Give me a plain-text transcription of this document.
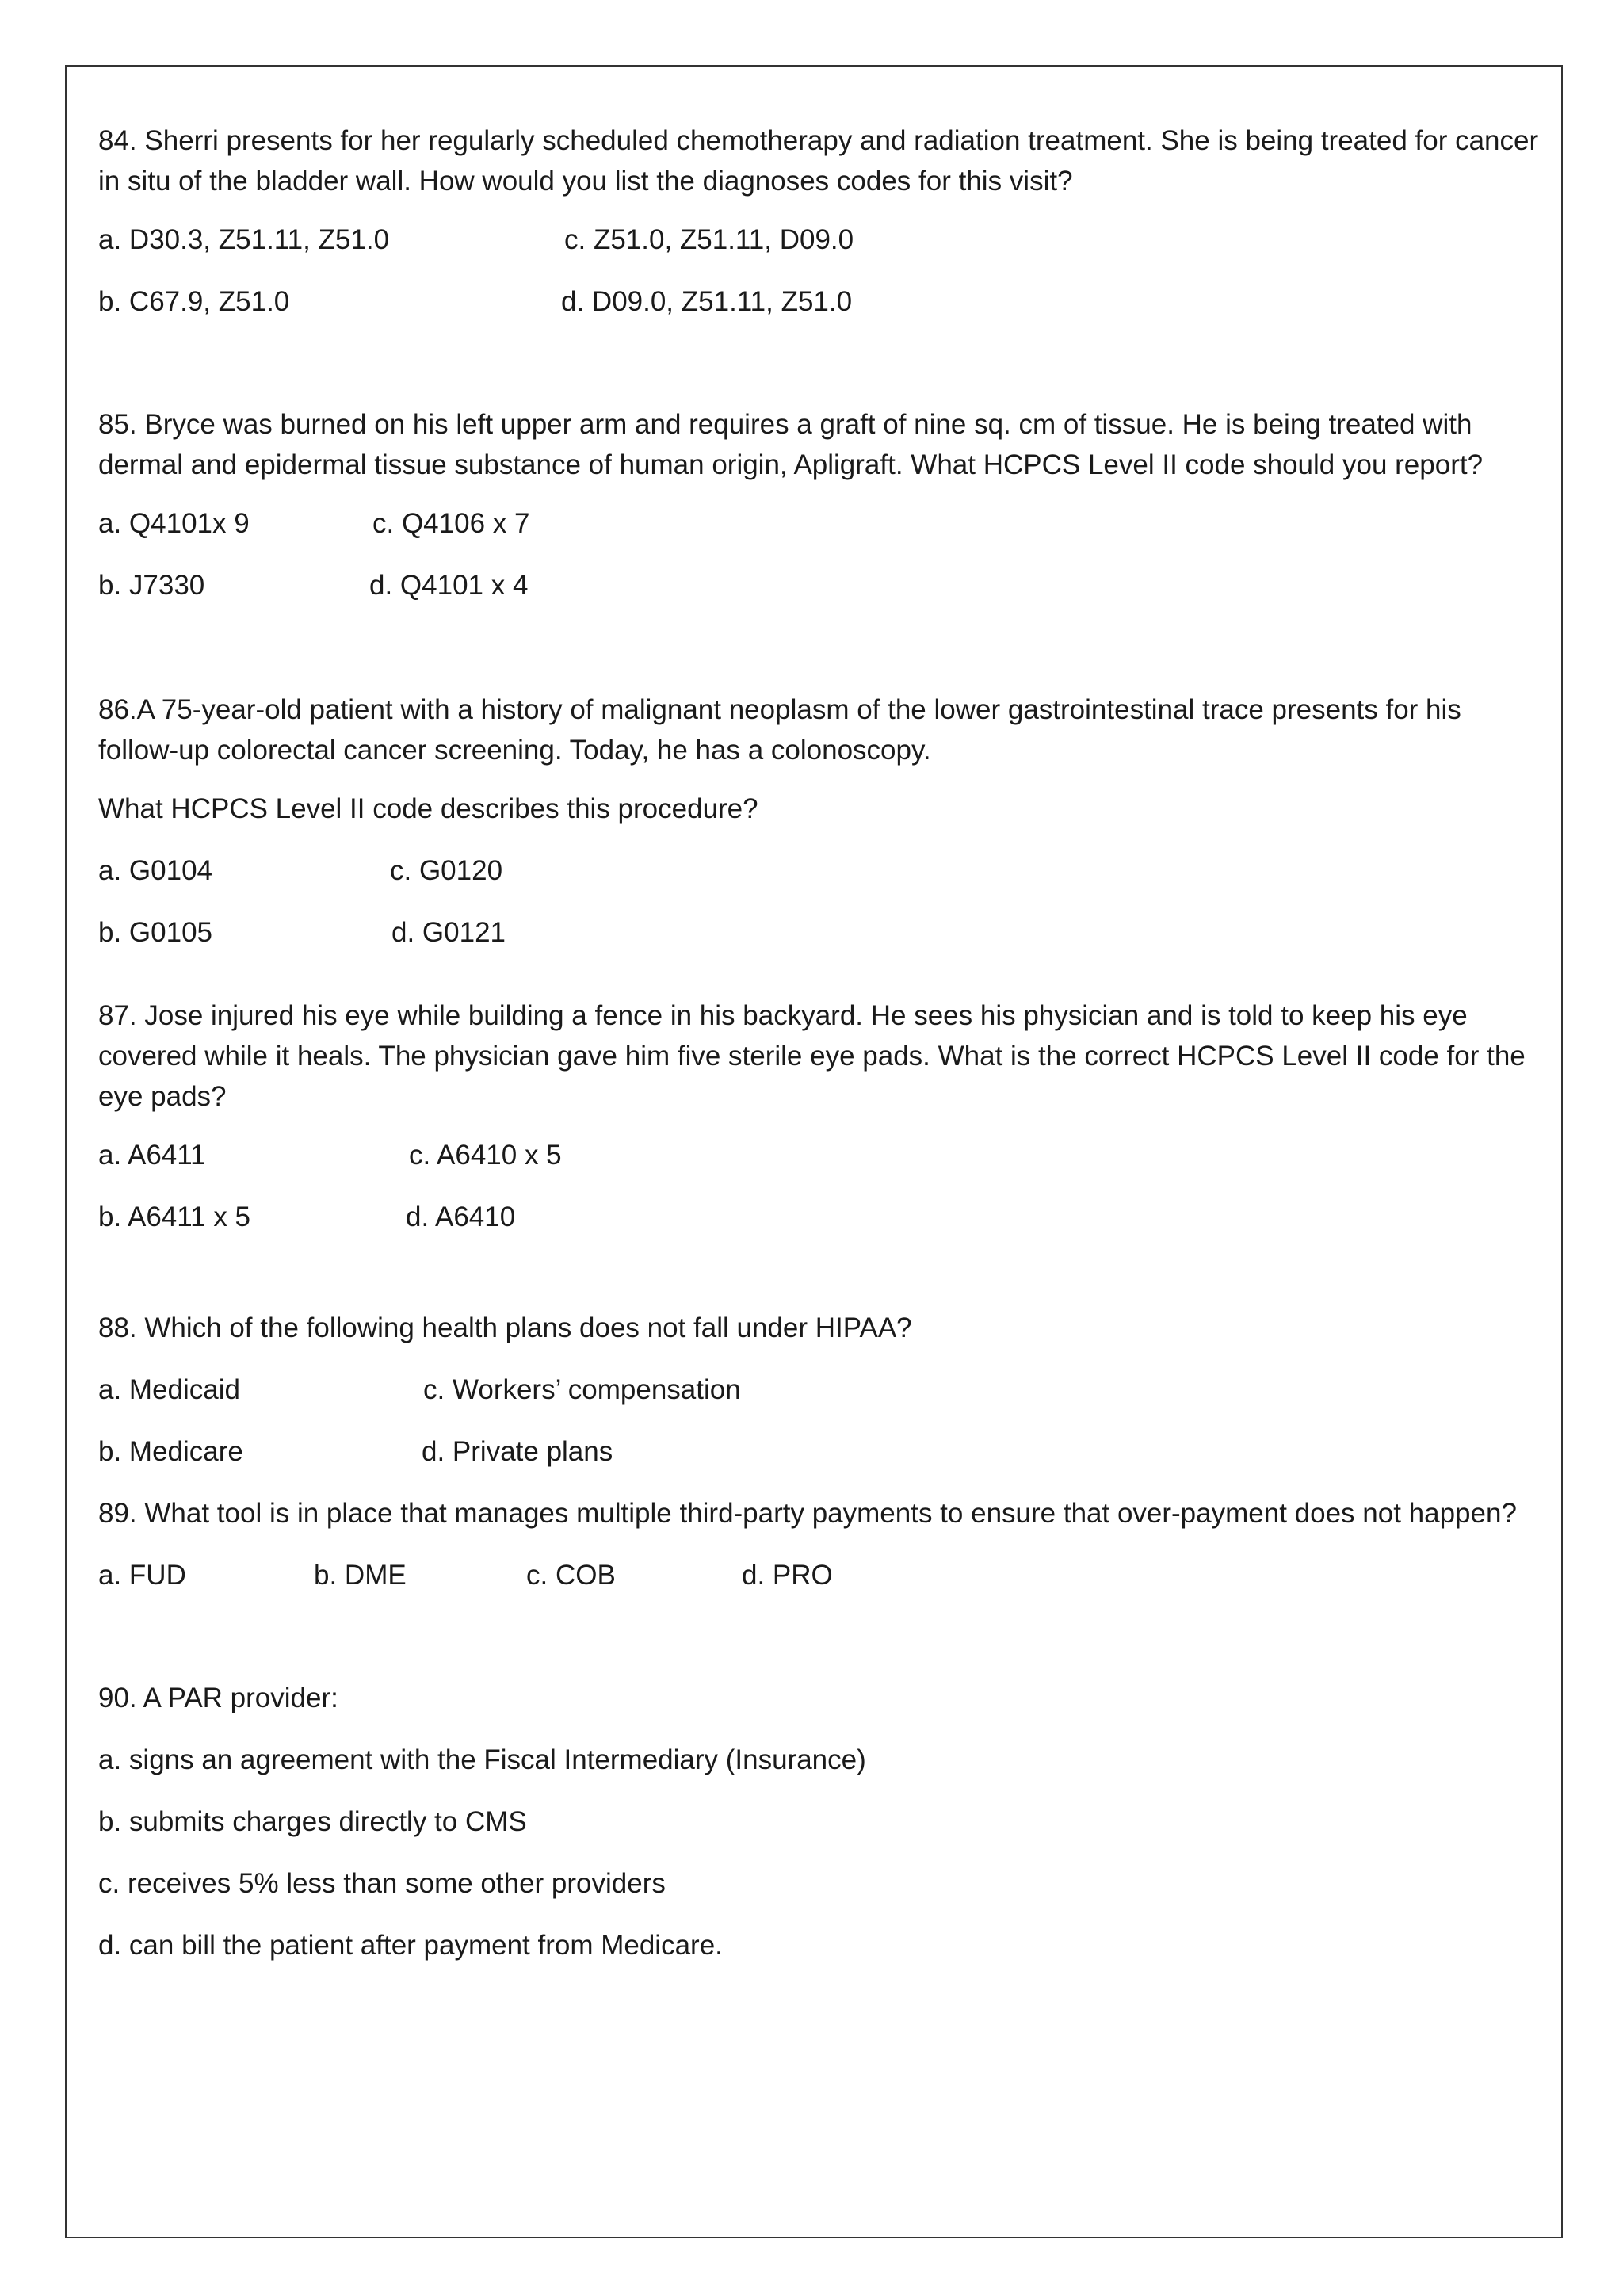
84. Sherri presents for her regularly scheduled chemotherapy and radiation treatment. She is being treated for cancer in situ of the bladder wall. How would you list the diagnoses codes for this visit?

a. D30.3, Z51.11, Z51.0	c. Z51.0, Z51.11, D09.0
b. C67.9, Z51.0	d. D09.0, Z51.11, Z51.0

85. Bryce was burned on his left upper arm and requires a graft of nine sq. cm of tissue. He is being treated with dermal and epidermal tissue substance of human origin, Apligraft. What HCPCS Level II code should you report?

a. Q4101x 9	c. Q4106 x 7
b. J7330	d. Q4101 x 4

86.A 75-year-old patient with a history of malignant neoplasm of the lower gastrointestinal trace presents for his follow-up colorectal cancer screening. Today, he has a colonoscopy.

What HCPCS Level II code describes this procedure?

a. G0104	c. G0120
b. G0105	d. G0121

87. Jose injured his eye while building a fence in his backyard. He sees his physician and is told to keep his eye covered while it heals. The physician gave him five sterile eye pads. What is the correct HCPCS Level II code for the eye pads?

a. A6411	c. A6410 x 5
b. A6411 x 5	d. A6410

88. Which of the following health plans does not fall under HIPAA?

a. Medicaid	c. Workers’ compensation
b. Medicare	d. Private plans

89. What tool is in place that manages multiple third-party payments to ensure that over-payment does not happen?

a. FUD	b. DME	c. COB	d. PRO

90. A PAR provider:

a. signs an agreement with the Fiscal Intermediary (Insurance)

b. submits charges directly to CMS

c. receives 5% less than some other providers

d. can bill the patient after payment from Medicare.
